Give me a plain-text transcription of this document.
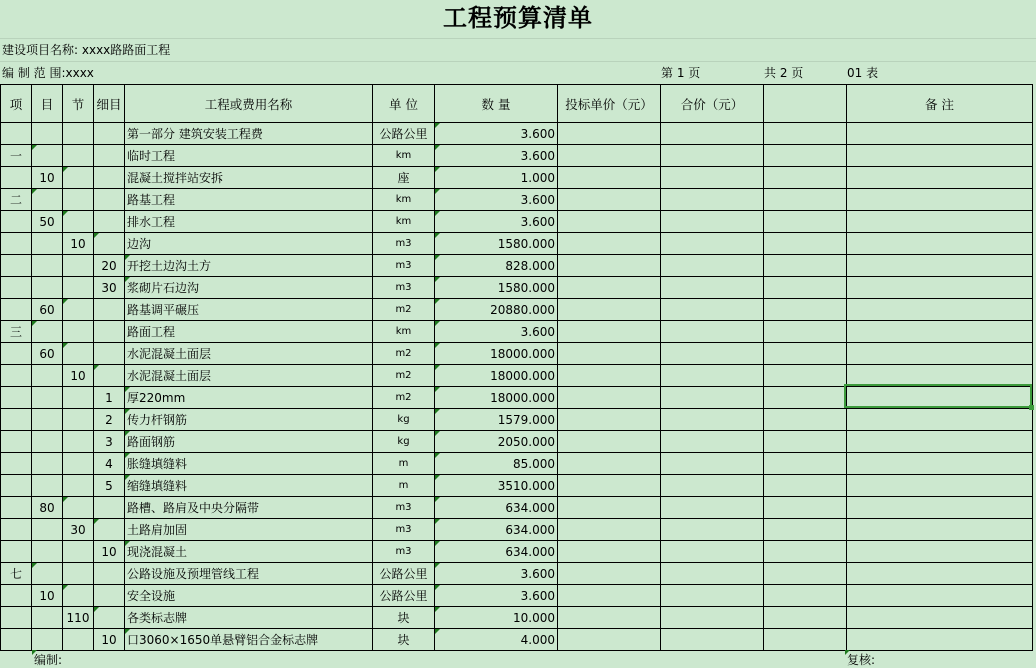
工程预算清单
建设项目名称: xxxx路路面工程
编 制 范 围:xxxx	第 1 页	共 2 页	01 表
项	目	节	细目	工程或费用名称	单 位	数 量	投标单价（元）	合价（元）		备 注
				第一部分 建筑安装工程费	公路公里	3.600				
一				临时工程	km	3.600				
	10			混凝土搅拌站安拆	座	1.000				
二				路基工程	km	3.600				
	50			排水工程	km	3.600				
		10		边沟	m3	1580.000				
			20	开挖土边沟土方	m3	828.000				
			30	浆砌片石边沟	m3	1580.000				
	60			路基调平碾压	m2	20880.000				
三				路面工程	km	3.600				
	60			水泥混凝土面层	m2	18000.000				
		10		水泥混凝土面层	m2	18000.000				
			1	厚220mm	m2	18000.000				
			2	传力杆钢筋	kg	1579.000				
			3	路面钢筋	kg	2050.000				
			4	胀缝填缝料	m	85.000				
			5	缩缝填缝料	m	3510.000				
	80			路槽、路肩及中央分隔带	m3	634.000				
		30		土路肩加固	m3	634.000				
			10	现浇混凝土	m3	634.000				
七				公路设施及预埋管线工程	公路公里	3.600				
	10			安全设施	公路公里	3.600				
		110		各类标志牌	块	10.000				
			10	口3060×1650单悬臂铝合金标志牌	块	4.000				
编制:	复核:
